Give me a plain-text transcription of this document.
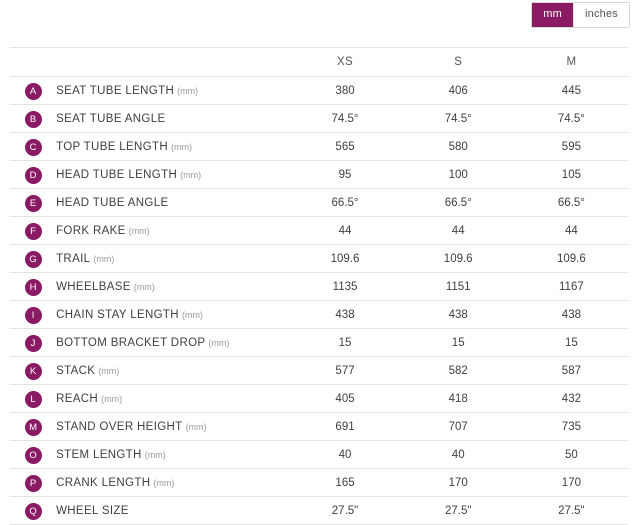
mm	inches
		XS	S	M
A	SEAT TUBE LENGTH (mm)	380	406	445
B	SEAT TUBE ANGLE	74.5°	74.5°	74.5°
C	TOP TUBE LENGTH (mm)	565	580	595
D	HEAD TUBE LENGTH (mm)	95	100	105
E	HEAD TUBE ANGLE	66.5°	66.5°	66.5°
F	FORK RAKE (mm)	44	44	44
G	TRAIL (mm)	109.6	109.6	109.6
H	WHEELBASE (mm)	1135	1151	1167
I	CHAIN STAY LENGTH (mm)	438	438	438
J	BOTTOM BRACKET DROP (mm)	15	15	15
K	STACK (mm)	577	582	587
L	REACH (mm)	405	418	432
M	STAND OVER HEIGHT (mm)	691	707	735
O	STEM LENGTH (mm)	40	40	50
P	CRANK LENGTH (mm)	165	170	170
Q	WHEEL SIZE	27.5"	27.5"	27.5"
